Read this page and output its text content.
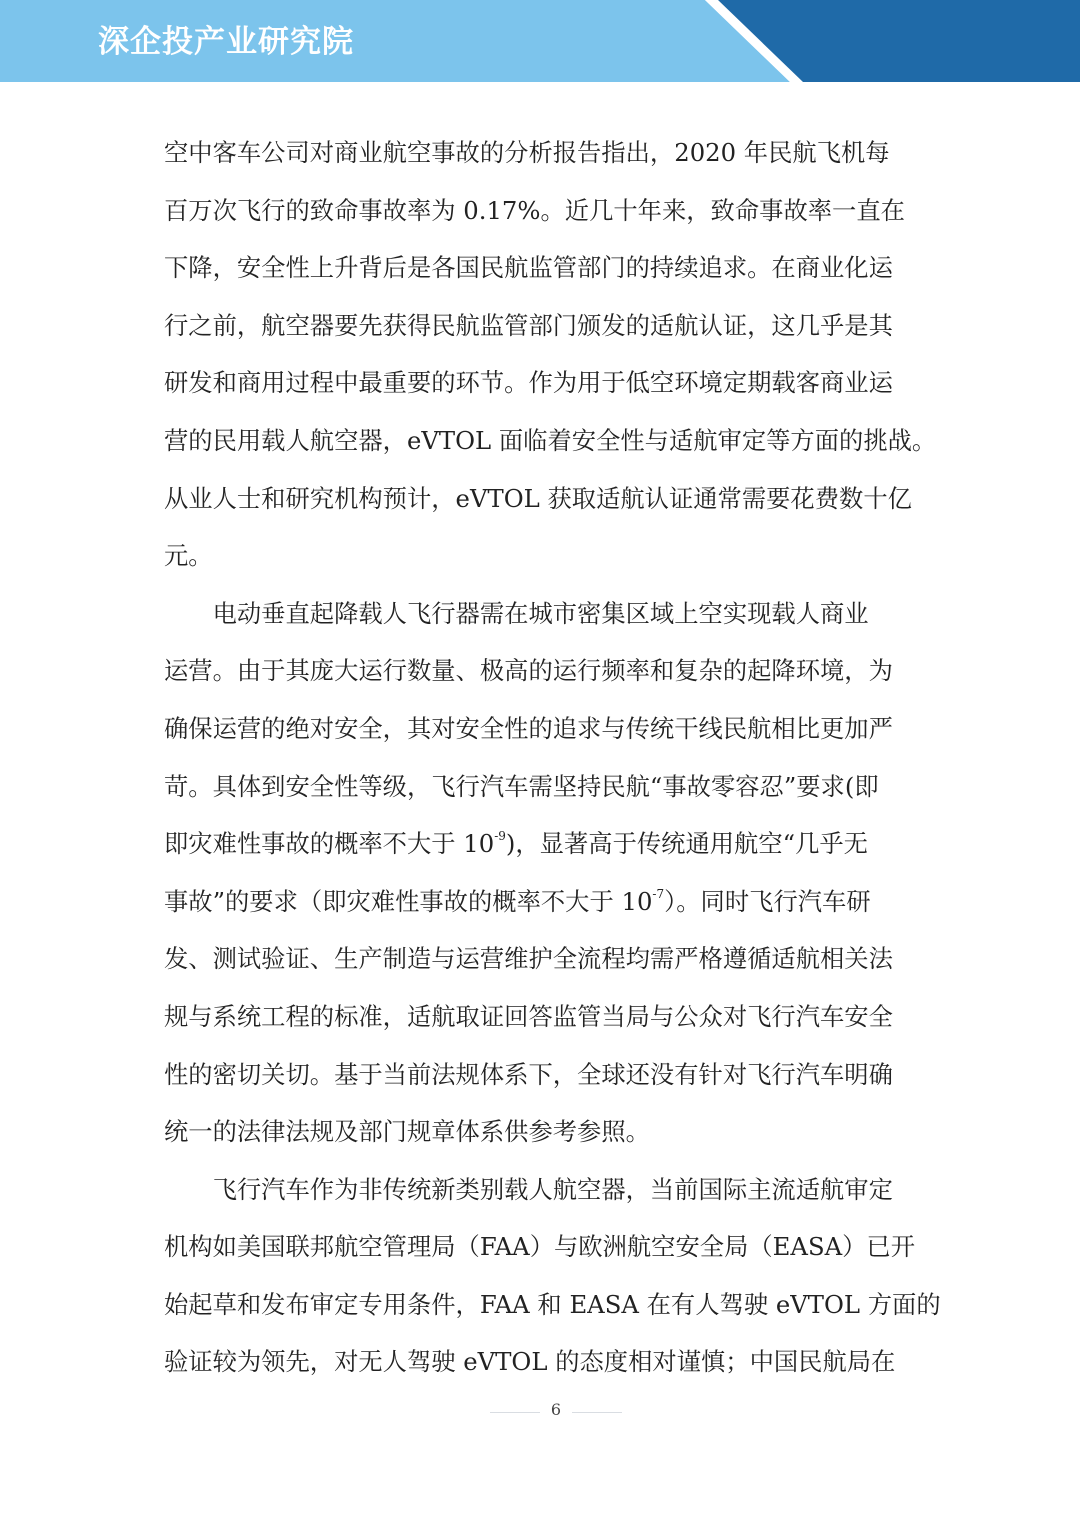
深企投产业研究院

空中客车公司对商业航空事故的分析报告指出，2020 年民航飞机每
百万次飞行的致命事故率为 0.17%。近几十年来，致命事故率一直在
下降，安全性上升背后是各国民航监管部门的持续追求。在商业化运
行之前，航空器要先获得民航监管部门颁发的适航认证，这几乎是其
研发和商用过程中最重要的环节。作为用于低空环境定期载客商业运
营的民用载人航空器，eVTOL 面临着安全性与适航审定等方面的挑战。
从业人士和研究机构预计，eVTOL 获取适航认证通常需要花费数十亿
元。

电动垂直起降载人飞行器需在城市密集区域上空实现载人商业
运营。由于其庞大运行数量、极高的运行频率和复杂的起降环境，为
确保运营的绝对安全，其对安全性的追求与传统干线民航相比更加严
苛。具体到安全性等级，飞行汽车需坚持民航“事故零容忍”要求(即
即灾难性事故的概率不大于 $10^{-9}$)，显著高于传统通用航空“几乎无
事故”的要求（即灾难性事故的概率不大于 $10^{-7}$）。同时飞行汽车研
发、测试验证、生产制造与运营维护全流程均需严格遵循适航相关法
规与系统工程的标准，适航取证回答监管当局与公众对飞行汽车安全
性的密切关切。基于当前法规体系下，全球还没有针对飞行汽车明确
统一的法律法规及部门规章体系供参考参照。

飞行汽车作为非传统新类别载人航空器，当前国际主流适航审定
机构如美国联邦航空管理局（FAA）与欧洲航空安全局（EASA）已开
始起草和发布审定专用条件，FAA 和 EASA 在有人驾驶 eVTOL 方面的
验证较为领先，对无人驾驶 eVTOL 的态度相对谨慎；中国民航局在

6
